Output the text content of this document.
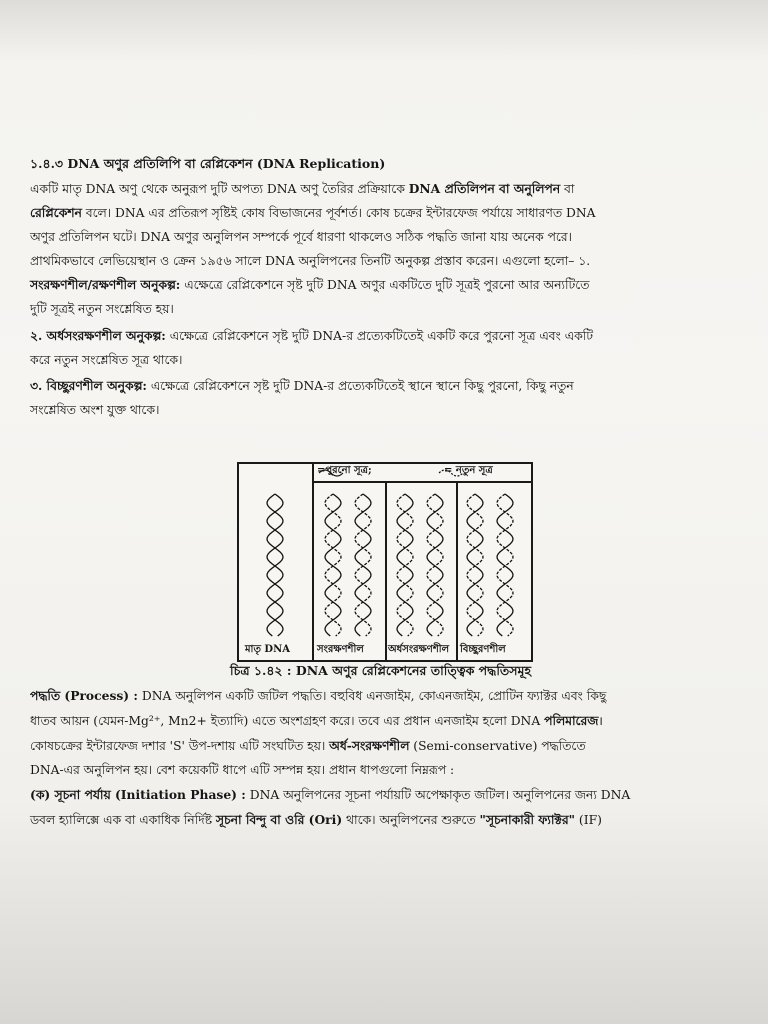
১.৪.৩ DNA অণুর প্রতিলিপি বা রেপ্লিকেশন (DNA Replication)
একটি মাতৃ DNA অণু থেকে অনুরূপ দুটি অপত্য DNA অণু তৈরির প্রক্রিয়াকে DNA প্রতিলিপন বা অনুলিপন বা
রেপ্লিকেশন বলে। DNA এর প্রতিরূপ সৃষ্টিই কোষ বিভাজনের পূর্বশর্ত। কোষ চক্রের ইন্টারফেজ পর্যায়ে সাধারণত DNA
অণুর প্রতিলিপন ঘটে। DNA অণুর অনুলিপন সম্পর্কে পূর্বে ধারণা থাকলেও সঠিক পদ্ধতি জানা যায় অনেক পরে।
প্রাথমিকভাবে লেভিয়েস্থান ও ক্রেন ১৯৫৬ সালে DNA অনুলিপনের তিনটি অনুকল্প প্রস্তাব করেন। এগুলো হলো– ১.
সংরক্ষণশীল/রক্ষণশীল অনুকল্প: এক্ষেত্রে রেপ্লিকেশনে সৃষ্ট দুটি DNA অণুর একটিতে দুটি সূত্রই পুরনো আর অন্যটিতে
দুটি সূত্রই নতুন সংশ্লেষিত হয়।
২. অর্ধসংরক্ষণশীল অনুকল্প: এক্ষেত্রে রেপ্লিকেশনে সৃষ্ট দুটি DNA-র প্রত্যেকটিতেই একটি করে পুরনো সূত্র এবং একটি
করে নতুন সংশ্লেষিত সূত্র থাকে।
৩. বিচ্ছুরণশীল অনুকল্প: এক্ষেত্রে রেপ্লিকেশনে সৃষ্ট দুটি DNA-র প্রত্যেকটিতেই স্থানে স্থানে কিছু পুরনো, কিছু নতুন
সংশ্লেষিত অংশ যুক্ত থাকে।
মাতৃ DNA	সংরক্ষণশীল অর্ধসংরক্ষণশীল বিচ্ছুরণশীল
=পুরনো সূত্র;	= নতুন সূত্র
চিত্র ১.৪২ : DNA অণুর রেপ্লিকেশনের তাত্ত্বিক পদ্ধতিসমূহ
পদ্ধতি (Process) : DNA অনুলিপন একটি জটিল পদ্ধতি। বহুবিধ এনজাইম, কোএনজাইম, প্রোটিন ফ্যাক্টর এবং কিছু
ধাতব আয়ন (যেমন-Mg²⁺, Mn2+ ইত্যাদি) এতে অংশগ্রহণ করে। তবে এর প্রধান এনজাইম হলো DNA পলিমারেজ।
কোষচক্রের ইন্টারফেজ দশার 'S' উপ-দশায় এটি সংঘটিত হয়। অর্ধ-সংরক্ষণশীল (Semi-conservative) পদ্ধতিতে
DNA-এর অনুলিপন হয়। বেশ কয়েকটি ধাপে এটি সম্পন্ন হয়। প্রধান ধাপগুলো নিম্নরূপ :
(ক) সূচনা পর্যায় (Initiation Phase) : DNA অনুলিপনের সূচনা পর্যায়টি অপেক্ষাকৃত জটিল। অনুলিপনের জন্য DNA
ডবল হ্যালিক্সে এক বা একাধিক নির্দিষ্ট সূচনা বিন্দু বা ওরি (Ori) থাকে। অনুলিপনের শুরুতে "সূচনাকারী ফ্যাক্টর" (IF)
